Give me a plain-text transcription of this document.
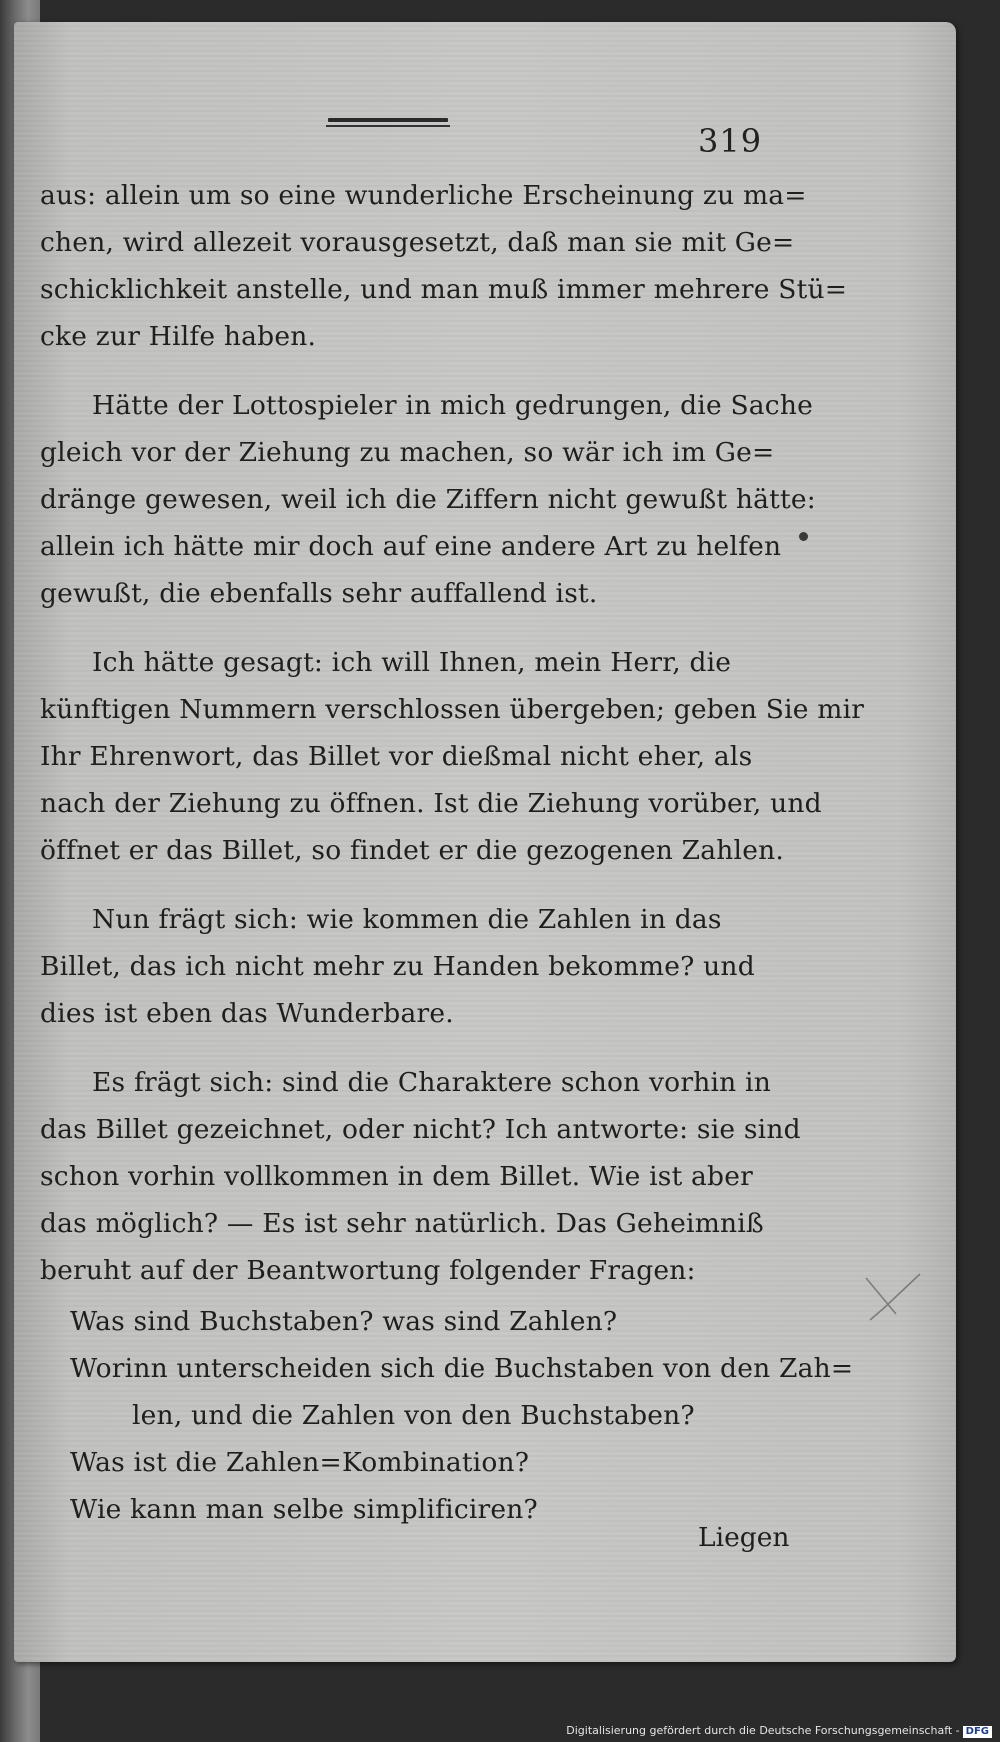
319
aus: allein um so eine wunderliche Erscheinung zu ma=
chen, wird allezeit vorausgesetzt, daß man sie mit Ge=
schicklichkeit anstelle, und man muß immer mehrere Stü=
cke zur Hilfe haben.
Hätte der Lottospieler in mich gedrungen, die Sache
gleich vor der Ziehung zu machen, so wär ich im Ge=
dränge gewesen, weil ich die Ziffern nicht gewußt hätte:
allein ich hätte mir doch auf eine andere Art zu helfen
gewußt, die ebenfalls sehr auffallend ist.
Ich hätte gesagt: ich will Ihnen, mein Herr, die
künftigen Nummern verschlossen übergeben; geben Sie mir
Ihr Ehrenwort, das Billet vor dießmal nicht eher, als
nach der Ziehung zu öffnen. Ist die Ziehung vorüber, und
öffnet er das Billet, so findet er die gezogenen Zahlen.
Nun frägt sich: wie kommen die Zahlen in das
Billet, das ich nicht mehr zu Handen bekomme? und
dies ist eben das Wunderbare.
Es frägt sich: sind die Charaktere schon vorhin in
das Billet gezeichnet, oder nicht? Ich antworte: sie sind
schon vorhin vollkommen in dem Billet. Wie ist aber
das möglich? — Es ist sehr natürlich. Das Geheimniß
beruht auf der Beantwortung folgender Fragen:
Was sind Buchstaben? was sind Zahlen?
Worinn unterscheiden sich die Buchstaben von den Zah=
len, und die Zahlen von den Buchstaben?
Was ist die Zahlen=Kombination?
Wie kann man selbe simplificiren?
Liegen
Digitalisierung gefördert durch die Deutsche Forschungsgemeinschaft - DFG
